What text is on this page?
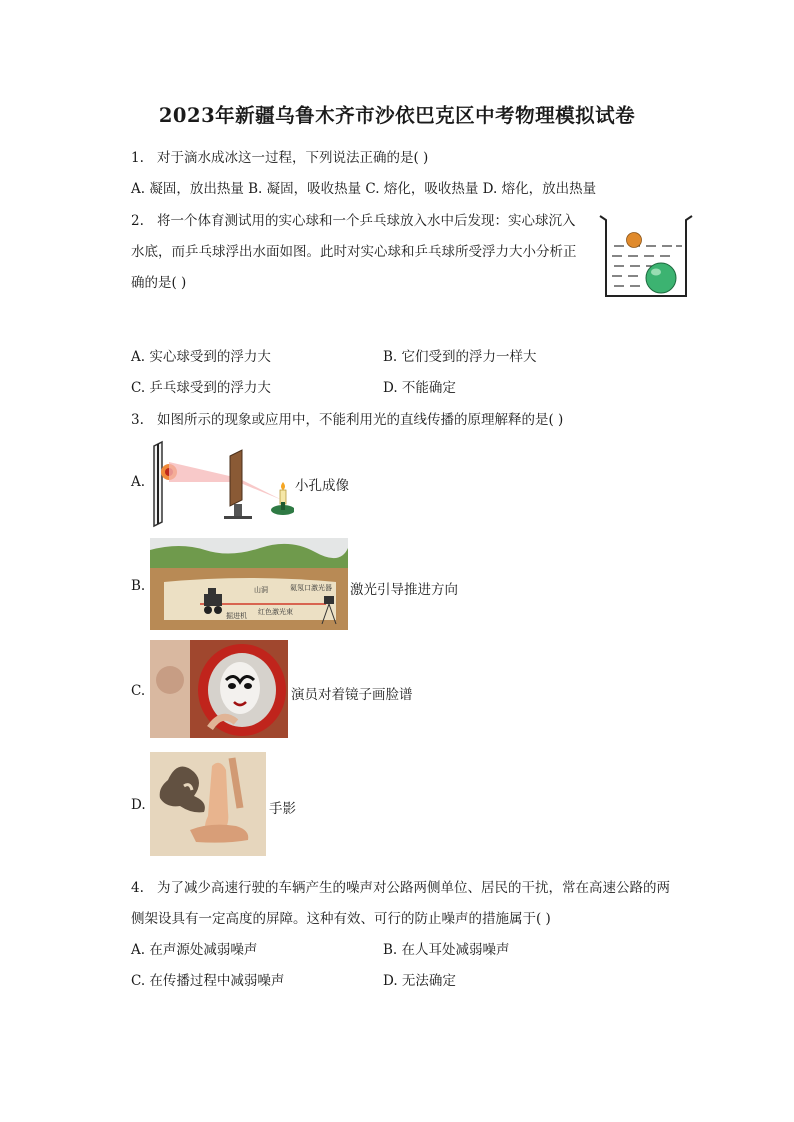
2023年新疆乌鲁木齐市沙依巴克区中考物理模拟试卷
1. 对于滴水成冰这一过程，下列说法正确的是( )
A. 凝固，放出热量 B. 凝固，吸收热量 C. 熔化，吸收热量 D. 熔化，放出热量
2. 将一个体育测试用的实心球和一个乒乓球放入水中后发现：实心球沉入
水底，而乒乓球浮出水面如图。此时对实心球和乒乓球所受浮力大小分析正
确的是( )
A. 实心球受到的浮力大	B. 它们受到的浮力一样大
C. 乒乓球受到的浮力大	D. 不能确定
3. 如图所示的现象或应用中，不能利用光的直线传播的原理解释的是( )
A.	小孔成像
B.	山洞	氦氖口激光器
红色激光束
掘进机
激光引导推进方向
C.	演员对着镜子画脸谱
D.	手影
4. 为了减少高速行驶的车辆产生的噪声对公路两侧单位、居民的干扰，常在高速公路的两
侧架设具有一定高度的屏障。这种有效、可行的防止噪声的措施属于( )
A. 在声源处减弱噪声	B. 在人耳处减弱噪声
C. 在传播过程中减弱噪声	D. 无法确定
